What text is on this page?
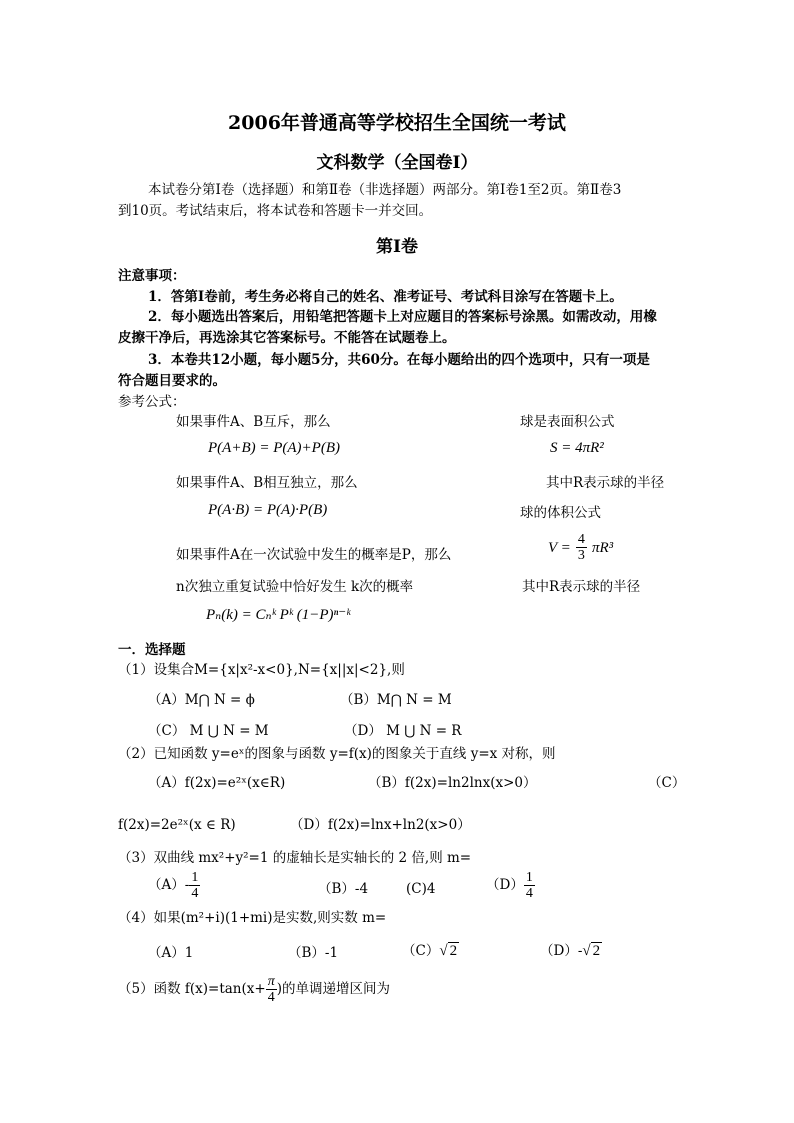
2006年普通高等学校招生全国统一考试
文科数学（全国卷Ⅰ）
本试卷分第Ⅰ卷（选择题）和第Ⅱ卷（非选择题）两部分。第Ⅰ卷1至2页。第Ⅱ卷3
到10页。考试结束后，将本试卷和答题卡一并交回。
第Ⅰ卷
注意事项：
1．答第Ⅰ卷前，考生务必将自己的姓名、准考证号、考试科目涂写在答题卡上。
2．每小题选出答案后，用铅笔把答题卡上对应题目的答案标号涂黑。如需改动，用橡
皮擦干净后，再选涂其它答案标号。不能答在试题卷上。
3．本卷共12小题，每小题5分，共60分。在每小题给出的四个选项中，只有一项是
符合题目要求的。
参考公式：
如果事件A、B互斥，那么
P(A+B) = P(A)+P(B)
如果事件A、B相互独立，那么
P(A·B) = P(A)·P(B)
如果事件A在一次试验中发生的概率是P，那么
n次独立重复试验中恰好发生 k次的概率
Pₙ(k) = Cₙᵏ Pᵏ (1−P)ⁿ⁻ᵏ
球是表面积公式
S = 4πR²
其中R表示球的半径
球的体积公式
$V = \frac{4}{3} \pi R^3$
其中R表示球的半径
一．选择题
（1）设集合M={x|x²-x<0},N={x||x|<2},则
（A）M⋂ N = ϕ	（B）M⋂ N = M
（C） M ⋃ N = M	（D） M ⋃ N = R
（2）已知函数 y=eˣ的图象与函数 y=f(x)的图象关于直线 y=x 对称，则
（A）f(2x)=e²ˣ(x∈R)	（B）f(2x)=ln2lnx(x>0）	（C）
f(2x)=2e²ˣ(x ∈ R)	（D）f(2x)=lnx+ln2(x>0）
（3）双曲线 mx²+y²=1 的虚轴长是实轴长的 2 倍,则 m=
$(A)- \frac{1}{4}$	（B）-4	(C)4	$(D) \frac{1}{4}$
（4）如果(m²+i)(1+mi)是实数,则实数 m=
（A）1	（B）-1	（C）√ 2	（D）-√ 2
（5）函数 $f(x)=\tan(x+ \frac{\pi}{4}$ )的单调递增区间为
